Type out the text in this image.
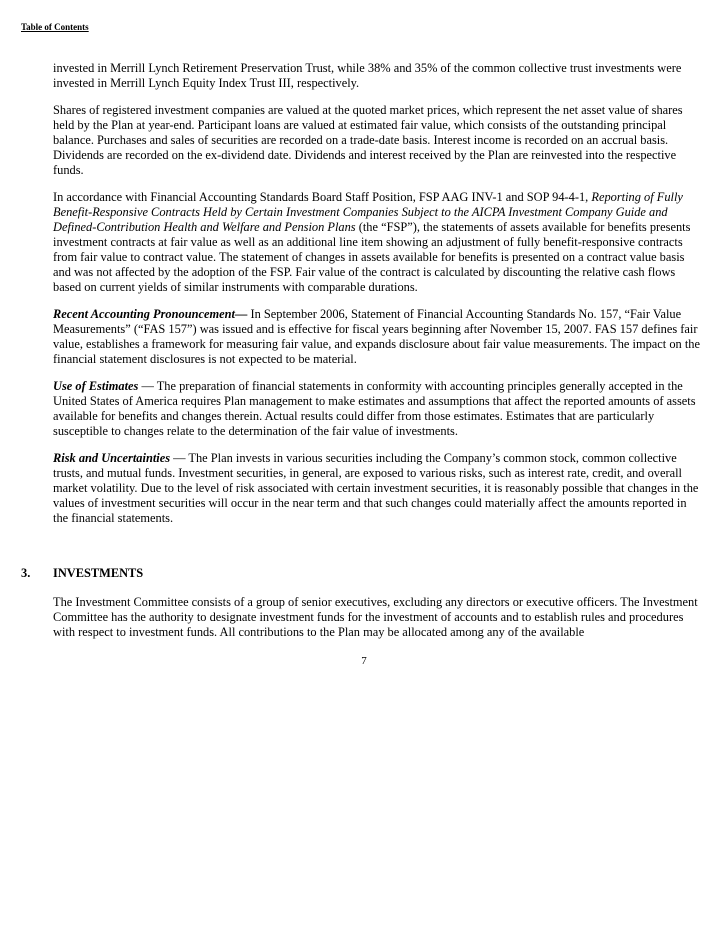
Table of Contents

invested in Merrill Lynch Retirement Preservation Trust, while 38% and 35% of the common collective trust investments were invested in Merrill Lynch Equity Index Trust III, respectively.

Shares of registered investment companies are valued at the quoted market prices, which represent the net asset value of shares held by the Plan at year-end. Participant loans are valued at estimated fair value, which consists of the outstanding principal balance. Purchases and sales of securities are recorded on a trade-date basis. Interest income is recorded on an accrual basis. Dividends are recorded on the ex-dividend date. Dividends and interest received by the Plan are reinvested into the respective funds.

In accordance with Financial Accounting Standards Board Staff Position, FSP AAG INV-1 and SOP 94-4-1, Reporting of Fully Benefit-Responsive Contracts Held by Certain Investment Companies Subject to the AICPA Investment Company Guide and Defined-Contribution Health and Welfare and Pension Plans (the “FSP”), the statements of assets available for benefits presents investment contracts at fair value as well as an additional line item showing an adjustment of fully benefit-responsive contracts from fair value to contract value. The statement of changes in assets available for benefits is presented on a contract value basis and was not affected by the adoption of the FSP. Fair value of the contract is calculated by discounting the relative cash flows based on current yields of similar instruments with comparable durations.

Recent Accounting Pronouncement— In September 2006, Statement of Financial Accounting Standards No. 157, “Fair Value Measurements” (“FAS 157”) was issued and is effective for fiscal years beginning after November 15, 2007. FAS 157 defines fair value, establishes a framework for measuring fair value, and expands disclosure about fair value measurements. The impact on the financial statement disclosures is not expected to be material.

Use of Estimates — The preparation of financial statements in conformity with accounting principles generally accepted in the United States of America requires Plan management to make estimates and assumptions that affect the reported amounts of assets available for benefits and changes therein. Actual results could differ from those estimates. Estimates that are particularly susceptible to changes relate to the determination of the fair value of investments.

Risk and Uncertainties — The Plan invests in various securities including the Company’s common stock, common collective trusts, and mutual funds. Investment securities, in general, are exposed to various risks, such as interest rate, credit, and overall market volatility. Due to the level of risk associated with certain investment securities, it is reasonably possible that changes in the values of investment securities will occur in the near term and that such changes could materially affect the amounts reported in the financial statements.

3. INVESTMENTS
The Investment Committee consists of a group of senior executives, excluding any directors or executive officers. The Investment Committee has the authority to designate investment funds for the investment of accounts and to establish rules and procedures with respect to investment funds. All contributions to the Plan may be allocated among any of the available
7
